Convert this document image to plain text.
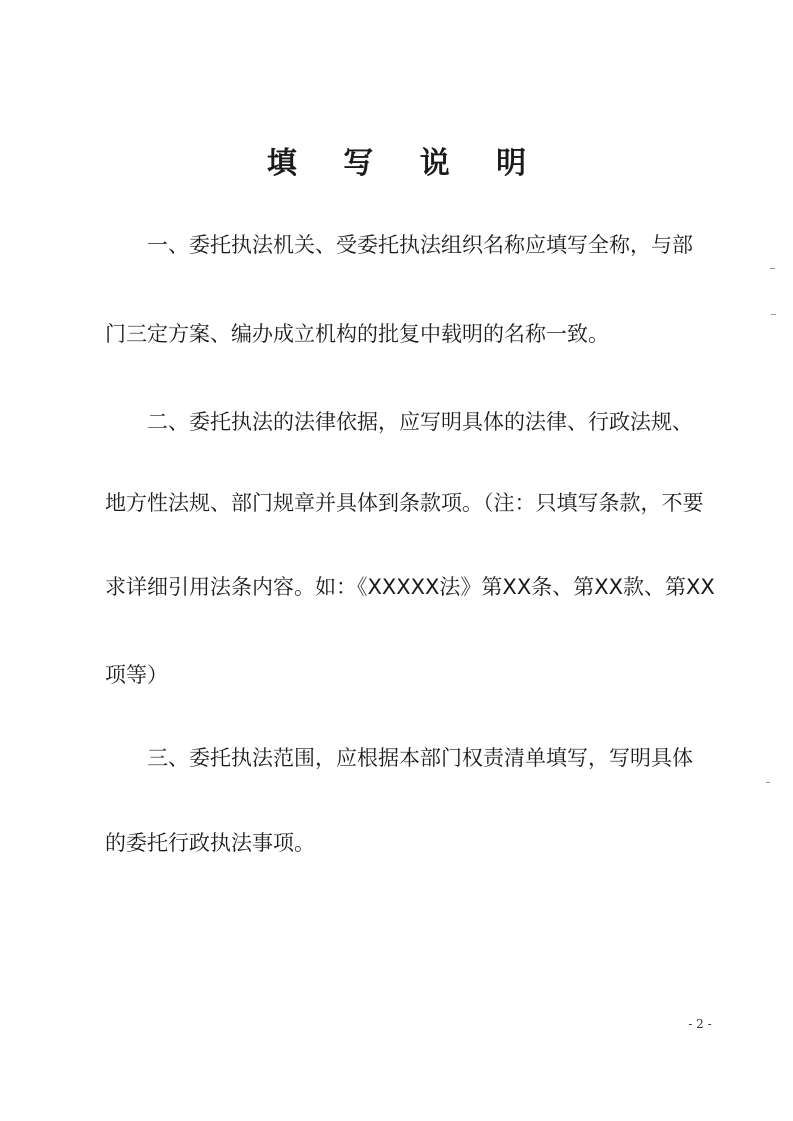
填 写 说 明
　　一、委托执法机关、受委托执法组织名称应填写全称，与部
门三定方案、编办成立机构的批复中载明的名称一致。
　　二、委托执法的法律依据，应写明具体的法律、行政法规、
地方性法规、部门规章并具体到条款项。（注：只填写条款，不要
求详细引用法条内容。如：《XXXXX法》第XX条、第XX款、第XX
项等）
　　三、委托执法范围，应根据本部门权责清单填写，写明具体
的委托行政执法事项。
- 2 -
